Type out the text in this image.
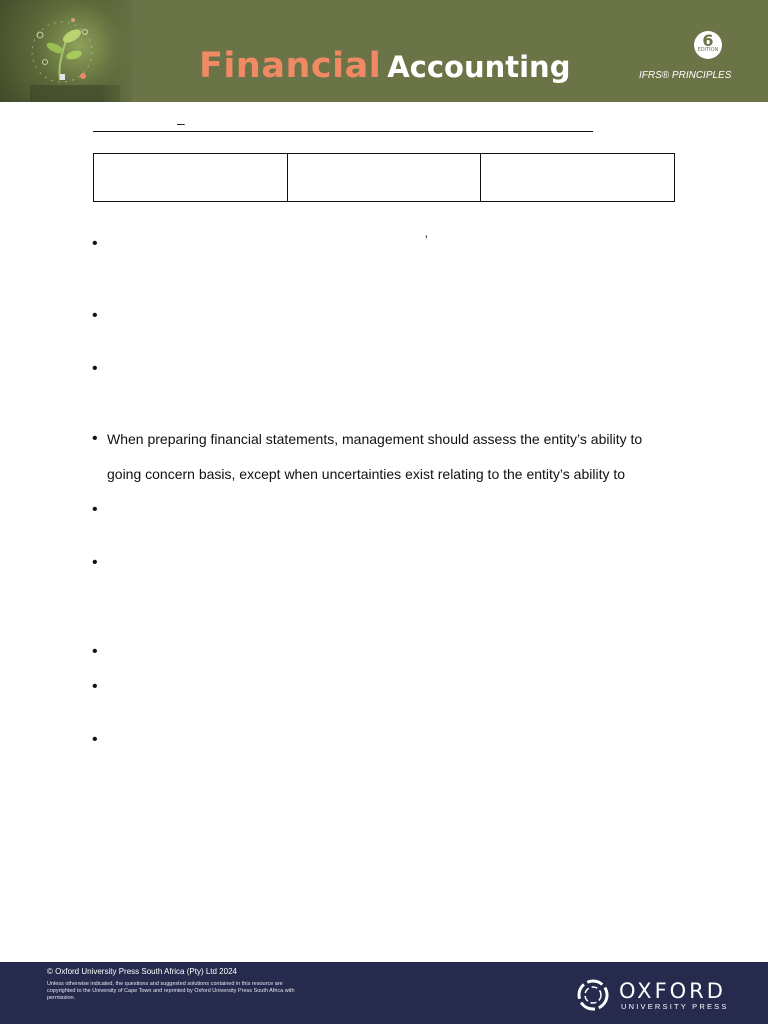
Financial Accounting
6
EDITION
IFRS® PRINCIPLES
–

•	’
•
•
• When preparing financial statements, management should assess the entity’s ability to
going concern basis, except when uncertainties exist relating to the entity’s ability to
•
•
•
•
•
© Oxford University Press South Africa (Pty) Ltd 2024
Unless otherwise indicated, the questions and suggested solutions contained in this resource are copyrighted to the University of Cape Town and reprinted by Oxford University Press South Africa with permission.	OXFORD
UNIVERSITY PRESS
